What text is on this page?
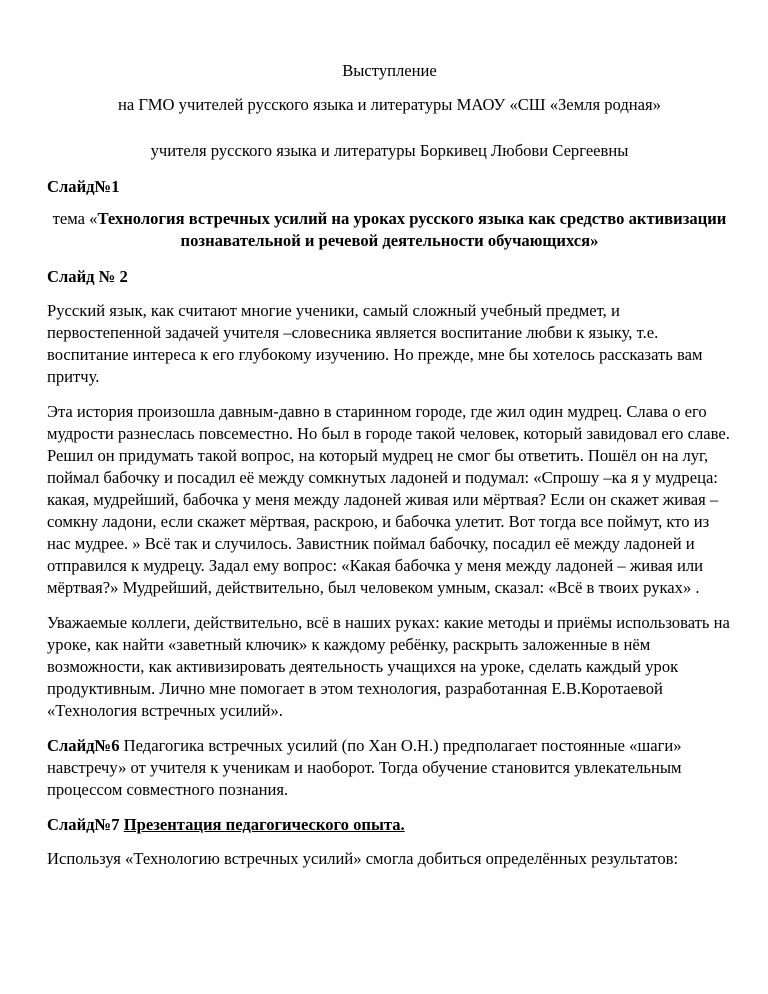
Выступление

на ГМО учителей русского языка и литературы МАОУ «СШ «Земля родная»

учителя русского языка и литературы Боркивец Любови Сергеевны

Слайд№1

тема «Технология встречных усилий на уроках русского языка как средство активизации познавательной и речевой деятельности обучающихся»

Слайд № 2

Русский язык, как считают многие ученики, самый сложный учебный предмет, и первостепенной задачей учителя –словесника является воспитание любви к языку, т.е. воспитание интереса к его глубокому изучению. Но прежде, мне бы хотелось рассказать вам притчу.

Эта история произошла давным-давно в старинном городе, где жил один мудрец. Слава о его мудрости разнеслась повсеместно. Но был в городе такой человек, который завидовал его славе. Решил он придумать такой вопрос, на который мудрец не смог бы ответить. Пошёл он на луг, поймал бабочку и посадил её между сомкнутых ладоней и подумал: «Спрошу –ка я у мудреца: какая, мудрейший, бабочка у меня между ладоней живая или мёртвая? Если он скажет живая – сомкну ладони, если скажет мёртвая, раскрою, и бабочка улетит. Вот тогда все поймут, кто из нас мудрее. » Всё так и случилось. Завистник поймал бабочку, посадил её между ладоней и отправился к мудрецу. Задал ему вопрос: «Какая бабочка у меня между ладоней – живая или мёртвая?» Мудрейший, действительно, был человеком умным, сказал: «Всё в твоих руках» .

Уважаемые коллеги, действительно, всё в наших руках: какие методы и приёмы использовать на уроке, как найти «заветный ключик» к каждому ребёнку, раскрыть заложенные в нём возможности, как активизировать деятельность учащихся на уроке, сделать каждый урок продуктивным. Лично мне помогает в этом технология, разработанная Е.В.Коротаевой «Технология встречных усилий».

Слайд№6 Педагогика встречных усилий (по Хан О.Н.) предполагает постоянные «шаги» навстречу» от учителя к ученикам и наоборот. Тогда обучение становится увлекательным процессом совместного познания.

Слайд№7 Презентация педагогического опыта.

Используя «Технологию встречных усилий» смогла добиться определённых результатов:
